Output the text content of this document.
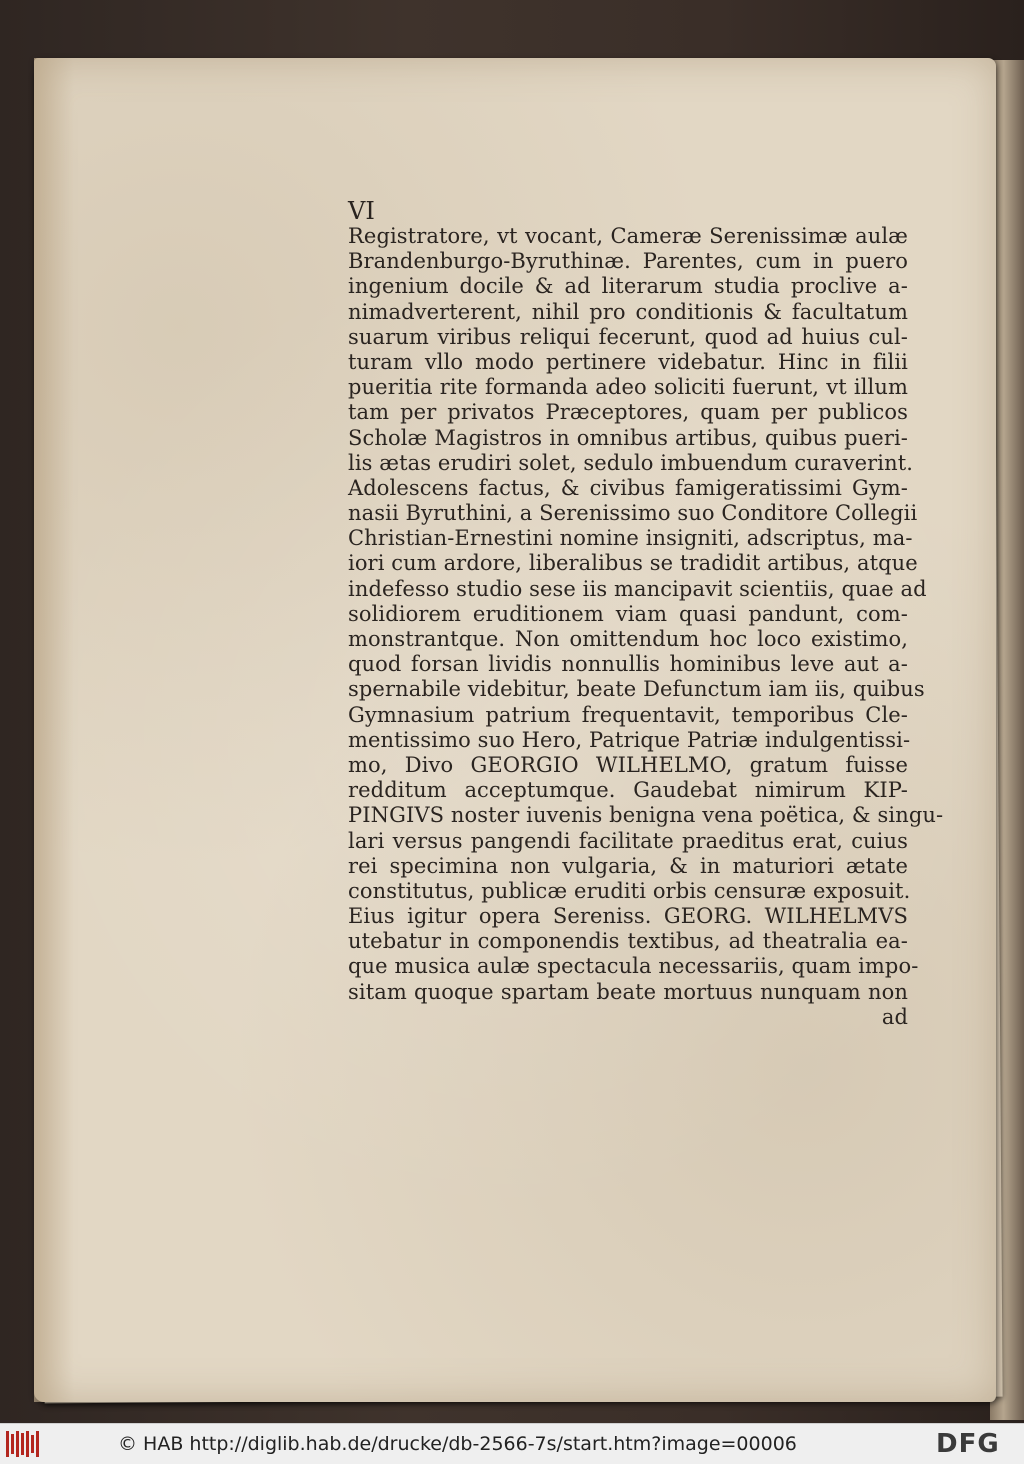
VI
Registratore, vt vocant, Cameræ Serenissimæ aulæ
Brandenburgo-Byruthinæ. Parentes, cum in puero
ingenium docile & ad literarum studia proclive a-
nimadverterent, nihil pro conditionis & facultatum
suarum viribus reliqui fecerunt, quod ad huius cul-
turam vllo modo pertinere videbatur. Hinc in filii
pueritia rite formanda adeo soliciti fuerunt, vt illum
tam per privatos Præceptores, quam per publicos
Scholæ Magistros in omnibus artibus, quibus pueri-
lis ætas erudiri solet, sedulo imbuendum curaverint.
Adolescens factus, & civibus famigeratissimi Gym-
nasii Byruthini, a Serenissimo suo Conditore Collegii
Christian-Ernestini nomine insigniti, adscriptus, ma-
iori cum ardore, liberalibus se tradidit artibus, atque
indefesso studio sese iis mancipavit scientiis, quae ad
solidiorem eruditionem viam quasi pandunt, com-
monstrantque. Non omittendum hoc loco existimo,
quod forsan lividis nonnullis hominibus leve aut a-
spernabile videbitur, beate Defunctum iam iis, quibus
Gymnasium patrium frequentavit, temporibus Cle-
mentissimo suo Hero, Patrique Patriæ indulgentissi-
mo, Divo GEORGIO WILHELMO, gratum fuisse
redditum acceptumque. Gaudebat nimirum KIP-
PINGIVS noster iuvenis benigna vena poëtica, & singu-
lari versus pangendi facilitate praeditus erat, cuius
rei specimina non vulgaria, & in maturiori ætate
constitutus, publicæ eruditi orbis censuræ exposuit.
Eius igitur opera Sereniss. GEORG. WILHELMVS
utebatur in componendis textibus, ad theatralia ea-
que musica aulæ spectacula necessariis, quam impo-
sitam quoque spartam beate mortuus nunquam non
ad
© HAB http://diglib.hab.de/drucke/db-2566-7s/start.htm?image=00006	DFG
